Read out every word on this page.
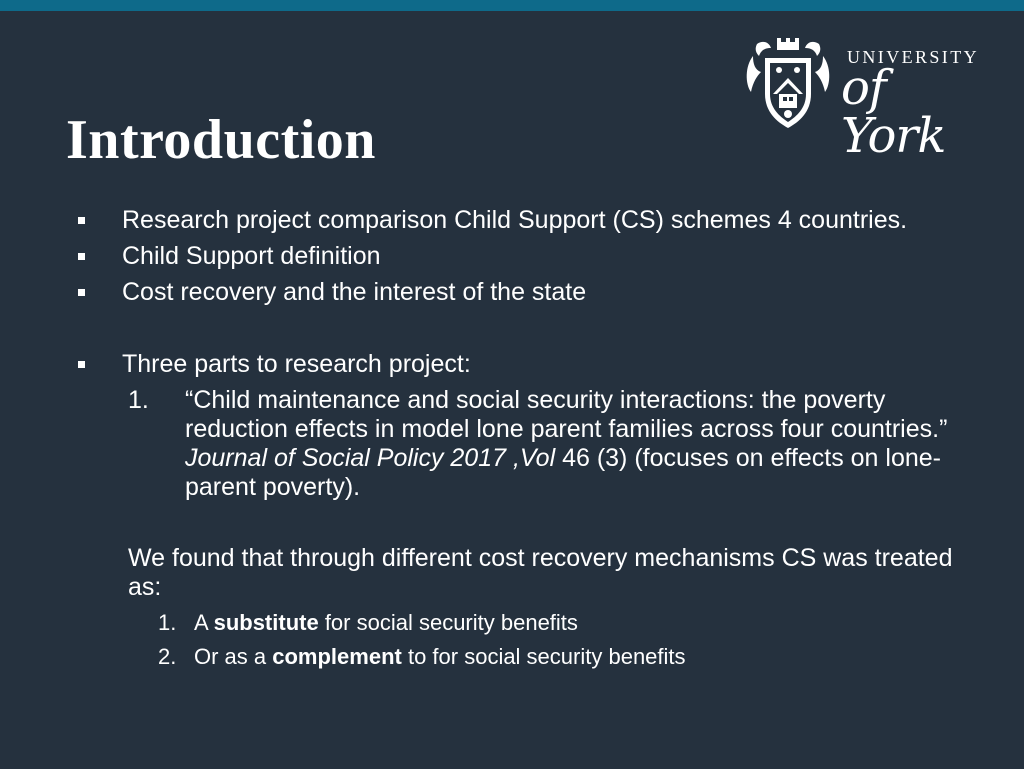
UNIVERSITY
of York
Introduction
Research project comparison Child Support (CS) schemes 4 countries.
Child Support definition
Cost recovery and the interest of the state
Three parts to research project:
1. “Child maintenance and social security interactions: the poverty reduction effects in model lone parent families across four countries.” Journal of Social Policy 2017 ,Vol 46 (3) (focuses on effects on lone-parent poverty).
We found that through different cost recovery mechanisms CS was treated as:
1. A substitute for social security benefits
2. Or as a complement to for social security benefits
